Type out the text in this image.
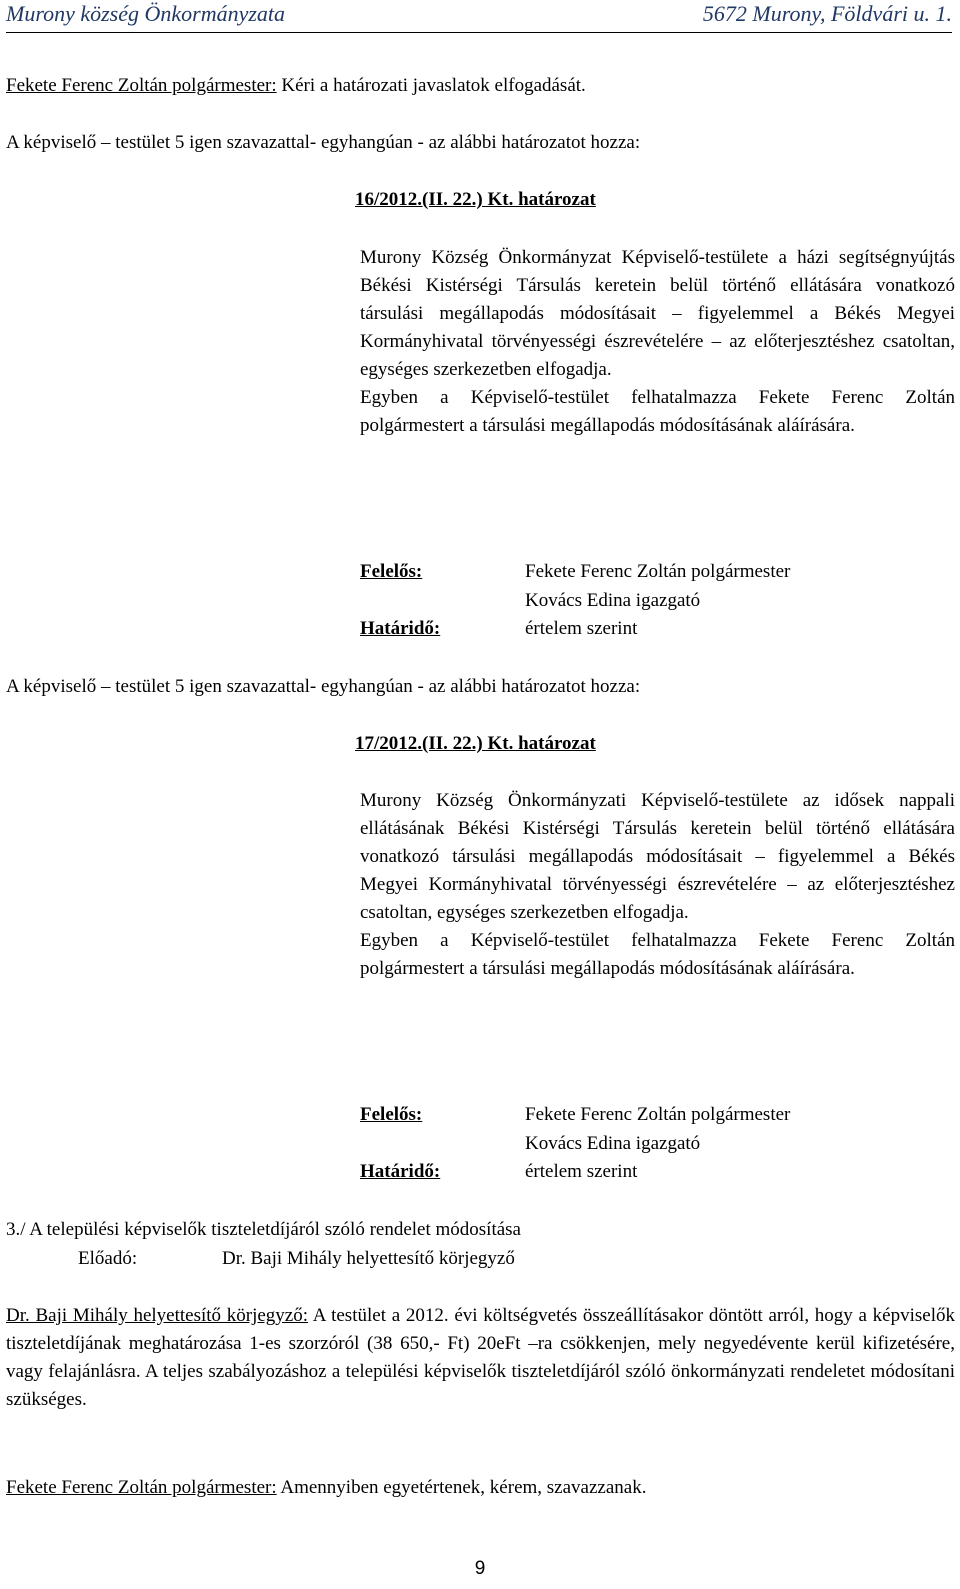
Murony község Önkormányzata	5672 Murony, Földvári u. 1.
Fekete Ferenc Zoltán polgármester: Kéri a határozati javaslatok elfogadását.
A képviselő – testület 5 igen szavazattal- egyhangúan - az alábbi határozatot hozza:
16/2012.(II. 22.) Kt. határozat

Murony Község Önkormányzat Képviselő-testülete a házi segítségnyújtás Békési Kistérségi Társulás keretein belül történő ellátására vonatkozó társulási megállapodás módosításait – figyelemmel a Békés Megyei Kormányhivatal törvényességi észrevételére – az előterjesztéshez csatoltan, egységes szerkezetben elfogadja.

Egyben a Képviselő-testület felhatalmazza Fekete Ferenc Zoltán polgármestert a társulási megállapodás módosításának aláírására.

Felelős:	Fekete Ferenc Zoltán polgármester
Kovács Edina igazgató
Határidő:	értelem szerint
A képviselő – testület 5 igen szavazattal- egyhangúan - az alábbi határozatot hozza:
17/2012.(II. 22.) Kt. határozat

Murony Község Önkormányzati Képviselő-testülete az idősek nappali ellátásának Békési Kistérségi Társulás keretein belül történő ellátására vonatkozó társulási megállapodás módosításait – figyelemmel a Békés Megyei Kormányhivatal törvényességi észrevételére – az előterjesztéshez csatoltan, egységes szerkezetben elfogadja.

Egyben a Képviselő-testület felhatalmazza Fekete Ferenc Zoltán polgármestert a társulási megállapodás módosításának aláírására.

Felelős:	Fekete Ferenc Zoltán polgármester
Kovács Edina igazgató
Határidő:	értelem szerint
3./ A települési képviselők tiszteletdíjáról szóló rendelet módosítása
Előadó:	Dr. Baji Mihály helyettesítő körjegyző

Dr. Baji Mihály helyettesítő körjegyző: A testület a 2012. évi költségvetés összeállításakor döntött arról, hogy a képviselők tiszteletdíjának meghatározása 1-es szorzóról (38 650,- Ft) 20eFt –ra csökkenjen, mely negyedévente kerül kifizetésére, vagy felajánlásra. A teljes szabályozáshoz a települési képviselők tiszteletdíjáról szóló önkormányzati rendeletet módosítani szükséges.

Fekete Ferenc Zoltán polgármester: Amennyiben egyetértenek, kérem, szavazzanak.
9
